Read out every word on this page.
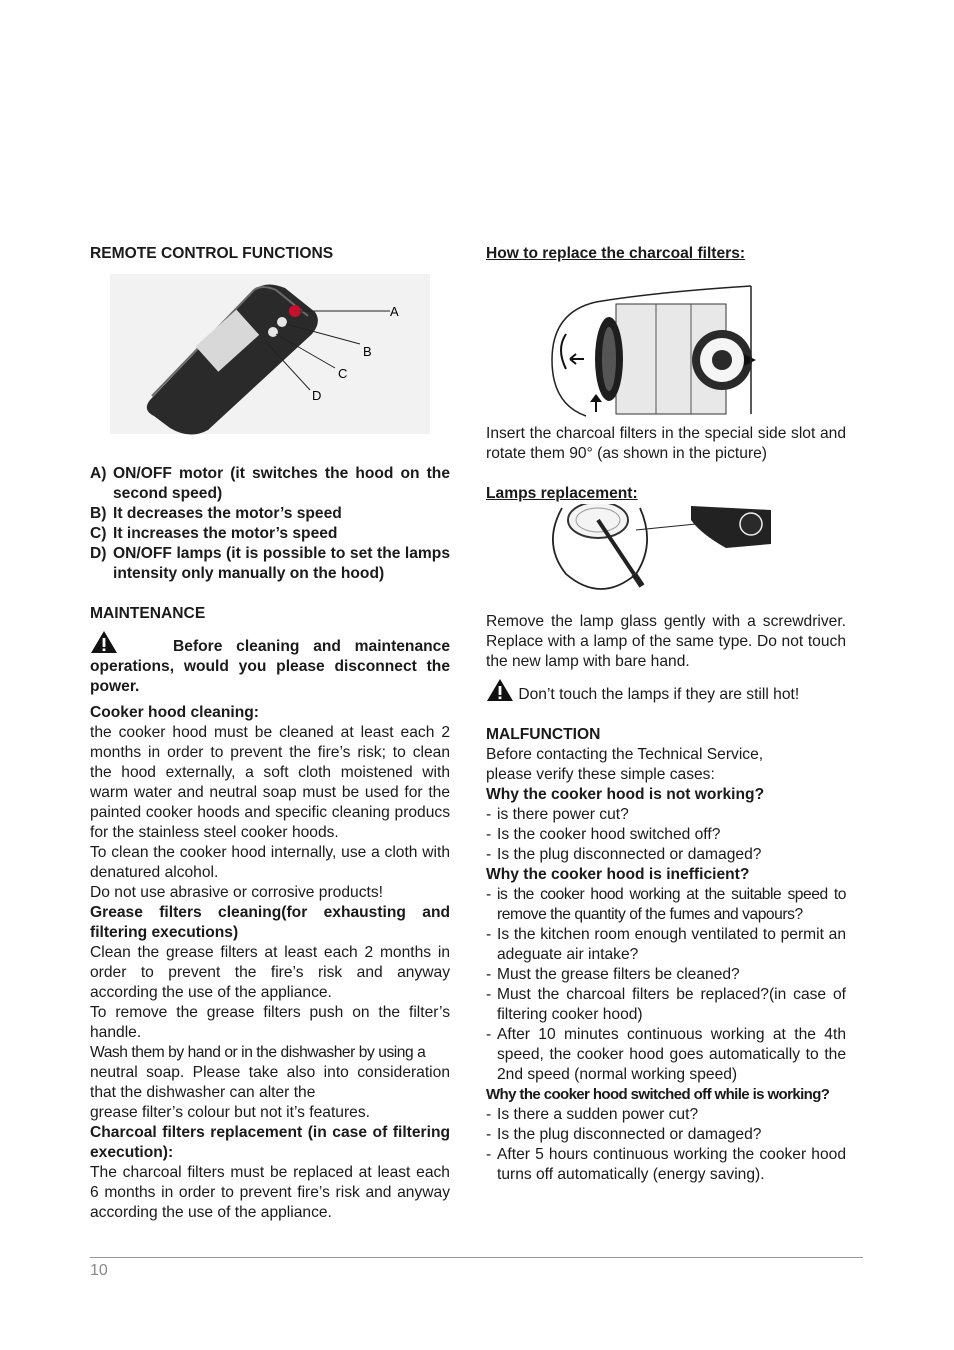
REMOTE CONTROL FUNCTIONS

A
B
C
D
A) ON/OFF motor (it switches the hood on the second speed)
B) It decreases the motor’s speed
C) It increases the motor’s speed
D) ON/OFF lamps (it is possible to set the lamps intensity only manually on the hood)

MAINTENANCE

Before cleaning and maintenance operations, would you please disconnect the power.

Cooker hood cleaning:

the cooker hood must be cleaned at least each 2 months in order to prevent the fire’s risk; to clean the hood externally, a soft cloth moistened with warm water and neutral soap must be used for the painted cooker hoods and specific cleaning producs for the stainless steel cooker hoods.

To clean the cooker hood internally, use a cloth with denatured alcohol.

Do not use abrasive or corrosive products!

Grease filters cleaning(for exhausting and filtering executions)

Clean the grease filters at least each 2 months in order to prevent the fire’s risk and anyway according the use of the appliance.

To remove the grease filters push on the filter’s handle.

Wash them by hand or in the dishwasher by using a

neutral soap. Please take also into consideration that the dishwasher can alter the

grease filter’s colour but not it’s features.

Charcoal filters replacement (in case of filtering execution):

The charcoal filters must be replaced at least each 6 months in order to prevent fire’s risk and anyway according the use of the appliance.

How to replace the charcoal filters:

Insert the charcoal filters in the special side slot and rotate them 90° (as shown in the picture)

Lamps replacement:

Remove the lamp glass gently with a screwdriver. Replace with a lamp of the same type. Do not touch the new lamp with bare hand.

Don’t touch the lamps if they are still hot!

MALFUNCTION

Before contacting the Technical Service,

please verify these simple cases:

Why the cooker hood is not working?

- is there power cut?
- Is the cooker hood switched off?
- Is the plug disconnected or damaged?

Why the cooker hood is inefficient?

- is the cooker hood working at the suitable speed to remove the quantity of the fumes and vapours?
- Is the kitchen room enough ventilated to permit an adeguate air intake?
- Must the grease filters be cleaned?
- Must the charcoal filters be replaced?(in case of filtering cooker hood)
- After 10 minutes continuous working at the 4th speed, the cooker hood goes automatically to the 2nd speed (normal working speed)

Why the cooker hood switched off while is working?

- Is there a sudden power cut?
- Is the plug disconnected or damaged?
- After 5 hours continuous working the cooker hood turns off automatically (energy saving).
10
